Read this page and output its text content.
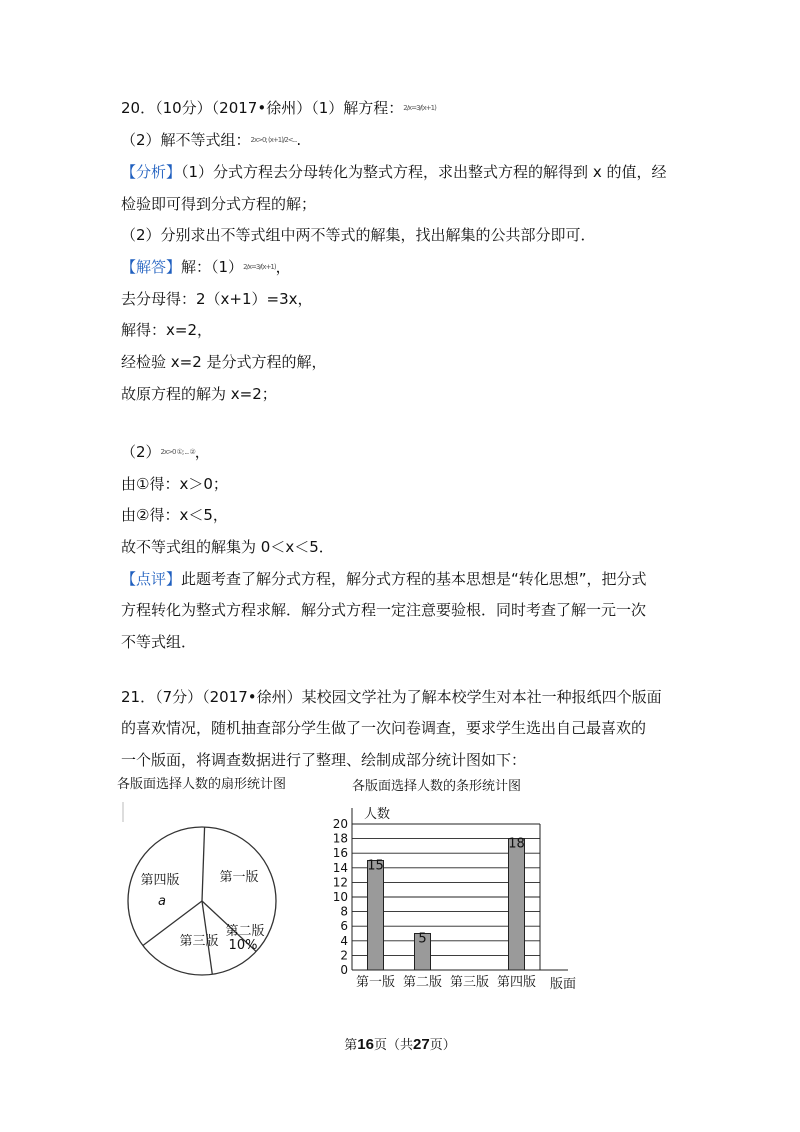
20．（10分）（2017•徐州）（1）解方程：2/x=3/(x+1)
（2）解不等式组：2x>0; (x+1)/2<....
【分析】（1）分式方程去分母转化为整式方程，求出整式方程的解得到 x 的值，经
检验即可得到分式方程的解；
（2）分别求出不等式组中两不等式的解集，找出解集的公共部分即可．
【解答】解：（1）2/x=3/(x+1)，
去分母得：2（x+1）=3x，
解得：x=2，
经检验 x=2 是分式方程的解，
故原方程的解为 x=2；
（2）2x>0 ①; ... ②，
由①得：x＞0；
由②得：x＜5，
故不等式组的解集为 0＜x＜5．
【点评】此题考查了解分式方程，解分式方程的基本思想是“转化思想”，把分式
方程转化为整式方程求解．解分式方程一定注意要验根．同时考查了解一元一次
不等式组．
21．（7分）（2017•徐州）某校园文学社为了解本校学生对本社一种报纸四个版面
的喜欢情况，随机抽查部分学生做了一次问卷调查，要求学生选出自己最喜欢的
一个版面，将调查数据进行了整理、绘制成部分统计图如下：
各版面选择人数的扇形统计图
第一版
第二版
10%
第三版
第四版
a
各版面选择人数的条形统计图
人数
版面
0
2
4
6
8
10
12
14
16
18
20
15
第一版
5
第二版 第三版
18
第四版
第16页（共27页）
